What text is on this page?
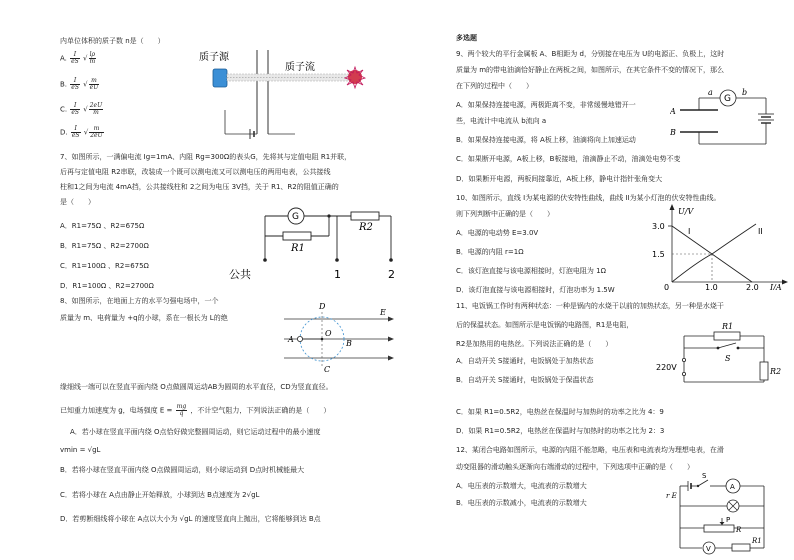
内单位体积的质子数 n是（　　）
A. $\frac{I}{eS}$ √ $\frac{l\rho}{m}$
B. $\frac{I}{eS}$ √ $\frac{m}{eU}$
C. $\frac{I}{eS}$ √ $\frac{2eU}{m}$
D. $\frac{I}{eS}$ √ $\frac{m}{2eU}$
质子源
质子流
7、如图所示，一满偏电流 Ig=1mA、内阻 Rg=300Ω的表头G，先将其与定值电阻 R1并联，
后再与定值电阻 R2串联，改装成一个既可以测电流又可以测电压的两用电表，公共接线
柱和1之间为电流 4mA挡，公共接线柱和 2之间为电压 3V挡，关于 R1、R2的阻值正确的
是（　　）
A．R1=75Ω 、R2=675Ω
B．R1=75Ω 、R2=2700Ω
C．R1=100Ω 、R2=675Ω
D．R1=100Ω 、R2=2700Ω
G
R1
R2
公共	1	2
8、如图所示，在地面上方的水平匀强电场中，一个
质量为 m、电荷量为 +q的小球，系在一根长为 L的绝
D
E
A
O
B
C
缘细线一端可以在竖直平面内绕 O点做圆周运动AB为圆周的水平直径，CD为竖直直径。
已知重力加速度为 g，电场强度 $E = \frac{mg}{q}$ ，不计空气阻力，下列说法正确的是（　　）
A．若小球在竖直平面内绕 O点恰好做完整圆周运动，则它运动过程中的最小速度
vmin = √gL
B．若将小球在竖直平面内绕 O点做圆周运动，则小球运动到 D点时机械能最大
C．若将小球在 A点由静止开始释放，小球到达 B点速度为 2√gL
D．若剪断细线将小球在 A点以大小为 √gL 的速度竖直向上抛出，它将能够到达 B点
多选题
9、两个较大的平行金属板 A、B相距为 d，分别接在电压为 U的电源正、负极上，这时
质量为 m的带电油滴恰好静止在两板之间，如图所示，在其它条件不变的情况下，那么
在下列的过程中（　　）
A．如果保持连接电源，两极距离不变，非常缓慢地错开一
些，电流计中电流从 b流向 a
B．如果保持连接电源，将 A板上移，油滴将向上加速运动
C．如果断开电源，A板上移，B板接地，油滴静止不动，油滴处电势不变
D．如果断开电源，两板间接靠近，A板上移，静电计指针张角变大
G
a	b
A
B
10、如图所示，直线 I为某电源的伏安特性曲线，曲线 II为某小灯泡的伏安特性曲线。
则下列判断中正确的是（　　）
A．电源的电动势 E=3.0V
B．电源的内阻 r=1Ω
C．该灯泡直接与该电源相接时，灯泡电阻为 1Ω
D．该灯泡直接与该电源相接时，灯泡功率为 1.5W
U/V
I/A
3.0
1.5
1.0	2.0
0
I	II
11、电饭锅工作时有两种状态：一种是锅内的水烧干以前的加热状态，另一种是水烧干
后的保温状态。如图所示是电饭锅的电路图，R1是电阻，
R2是加热用的电热丝。下列说法正确的是（　　）
A．自动开关 S接通时，电饭锅处于加热状态
B．自动开关 S接通时，电饭锅处于保温状态
R1
S
220V	R2
C．如果 R1=0.5R2，电热丝在保温时与加热时的功率之比为 4：9
D．如果 R1=0.5R2，电热丝在保温时与加热时的功率之比为 2：3
12、某闭合电路如图所示，电源的内阻不能忽略，电压表和电流表均为理想电表，在滑
动变阻器的滑动触头逐渐向右端滑动的过程中，下列选项中正确的是（　　）
A．电压表的示数增大，电流表的示数增大
B．电压表的示数减小，电流表的示数增大
A
S
r E
P
R
V
R1
